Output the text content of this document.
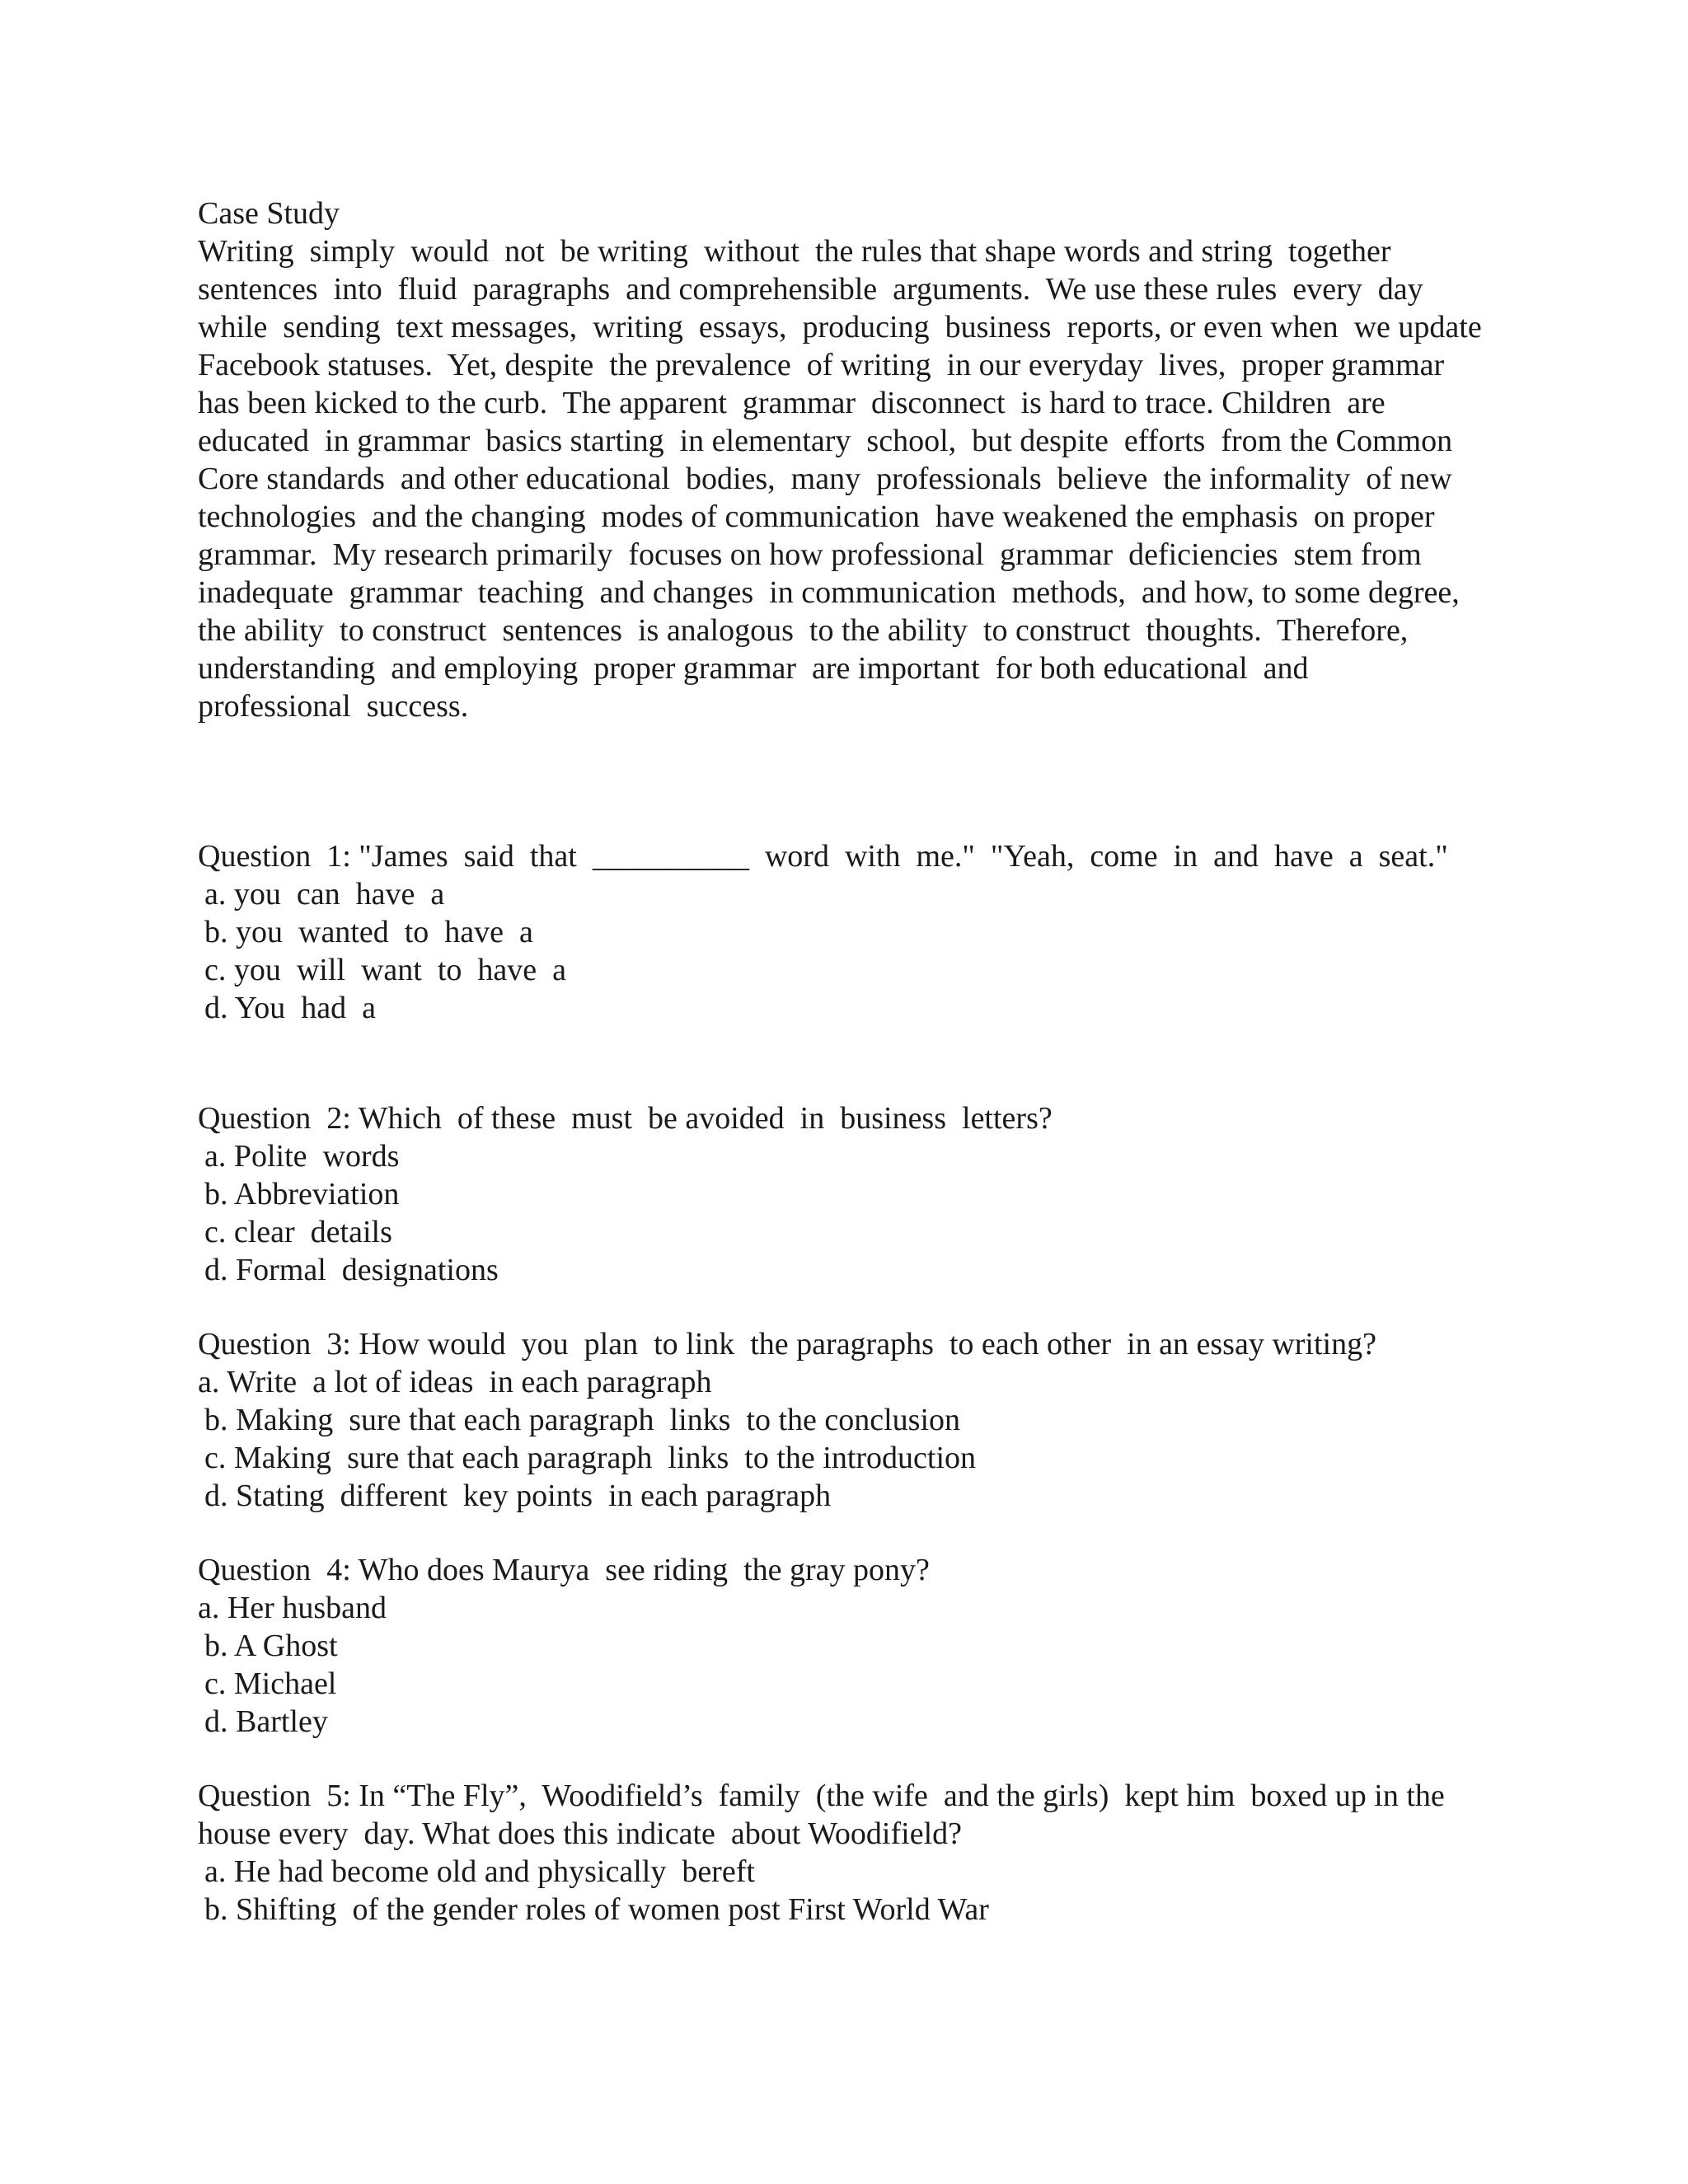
Case Study
Writing  simply  would  not  be writing  without  the rules that shape words and string  together
sentences  into  fluid  paragraphs  and comprehensible  arguments.  We use these rules  every  day
while  sending  text messages,  writing  essays,  producing  business  reports, or even when  we update
Facebook statuses.  Yet, despite  the prevalence  of writing  in our everyday  lives,  proper grammar
has been kicked to the curb.  The apparent  grammar  disconnect  is hard to trace. Children  are
educated  in grammar  basics starting  in elementary  school,  but despite  efforts  from the Common
Core standards  and other educational  bodies,  many  professionals  believe  the informality  of new
technologies  and the changing  modes of communication  have weakened the emphasis  on proper
grammar.  My research primarily  focuses on how professional  grammar  deficiencies  stem from
inadequate  grammar  teaching  and changes  in communication  methods,  and how, to some degree,
the ability  to construct  sentences  is analogous  to the ability  to construct  thoughts.  Therefore,
understanding  and employing  proper grammar  are important  for both educational  and
professional  success.
Question  1: "James  said  that  __________  word  with  me."  "Yeah,  come  in  and  have  a  seat."
a. you  can  have  a
b. you  wanted  to  have  a
c. you  will  want  to  have  a
d. You  had  a
Question  2: Which  of these  must  be avoided  in  business  letters?
a. Polite  words
b. Abbreviation
c. clear  details
d. Formal  designations
Question  3: How would  you  plan  to link  the paragraphs  to each other  in an essay writing?
a. Write  a lot of ideas  in each paragraph
b. Making  sure that each paragraph  links  to the conclusion
c. Making  sure that each paragraph  links  to the introduction
d. Stating  different  key points  in each paragraph
Question  4: Who does Maurya  see riding  the gray pony?
a. Her husband
b. A Ghost
c. Michael
d. Bartley
Question  5: In “The Fly”,  Woodifield’s  family  (the wife  and the girls)  kept him  boxed up in the
house every  day. What does this indicate  about Woodifield?
a. He had become old and physically  bereft
b. Shifting  of the gender roles of women post First World War
